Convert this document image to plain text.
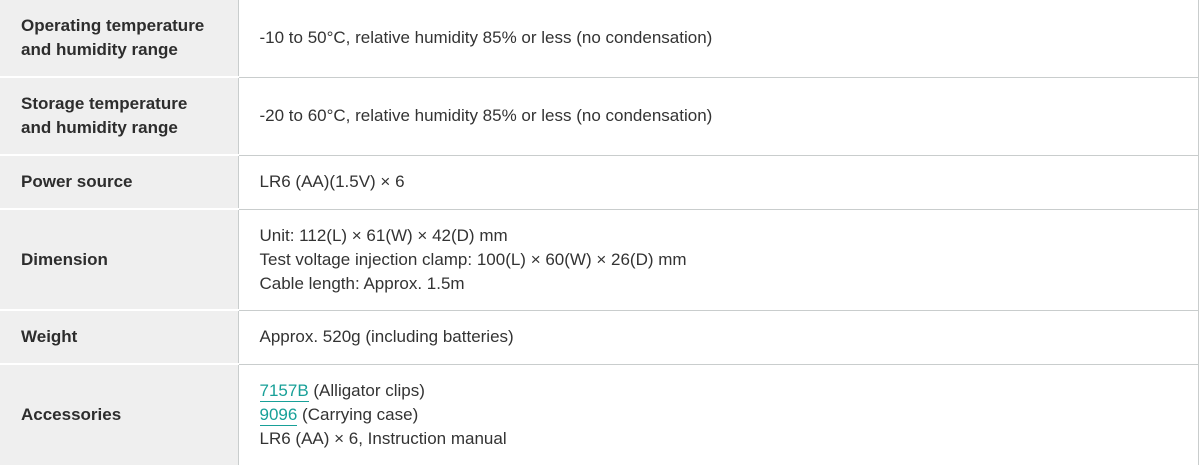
Operating temperature and humidity range	-10 to 50°C, relative humidity 85% or less (no condensation)

Storage temperature and humidity range	-20 to 60°C, relative humidity 85% or less (no condensation)

Power source	LR6 (AA)(1.5V) × 6

Dimension	Unit: 112(L) × 61(W) × 42(D) mm
Test voltage injection clamp: 100(L) × 60(W) × 26(D) mm
Cable length: Approx. 1.5m

Weight	Approx. 520g (including batteries)

Accessories	7157B (Alligator clips)
9096 (Carrying case)
LR6 (AA) × 6, Instruction manual
